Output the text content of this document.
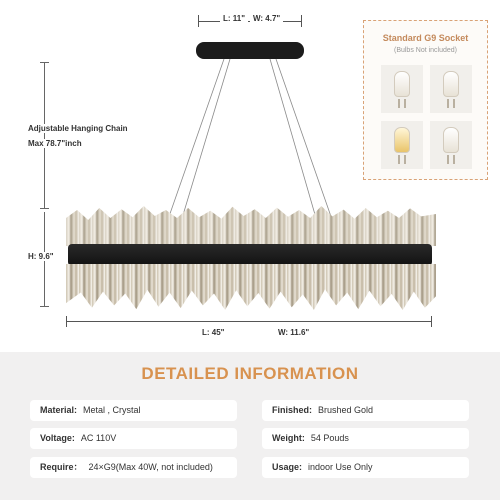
L: 11" W: 4.7"
Adjustable Hanging Chain
Max 78.7"inch
H: 9.6"
L: 45"	W: 11.6"
Standard G9 Socket
(Bulbs Not included)
DETAILED INFORMATION
Material: Metal , Crystal	Finished: Brushed Gold
Voltage: AC 110V	Weight: 54 Pouds
Require： 24×G9(Max 40W, not included)	Usage: indoor Use Only
